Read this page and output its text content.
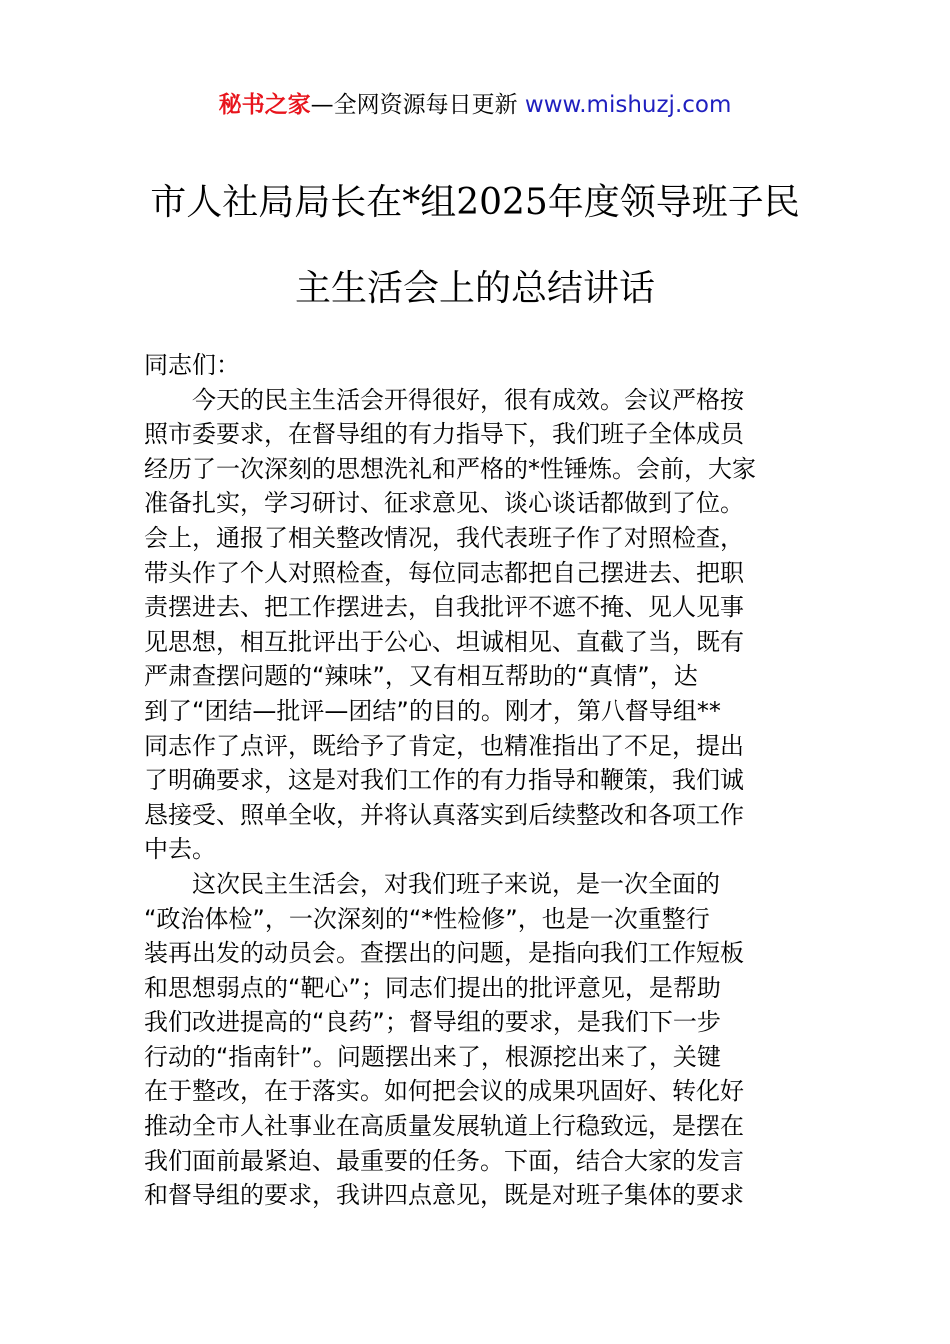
秘书之家—全网资源每日更新 www.mishuzj.com
市人社局局长在*组2025年度领导班子民
主生活会上的总结讲话
同志们：
　　今天的民主生活会开得很好，很有成效。会议严格按
照市委要求，在督导组的有力指导下，我们班子全体成员
经历了一次深刻的思想洗礼和严格的*性锤炼。会前，大家
准备扎实，学习研讨、征求意见、谈心谈话都做到了位。
会上，通报了相关整改情况，我代表班子作了对照检查，
带头作了个人对照检查，每位同志都把自己摆进去、把职
责摆进去、把工作摆进去，自我批评不遮不掩、见人见事
见思想，相互批评出于公心、坦诚相见、直截了当，既有
严肃查摆问题的“辣味”，又有相互帮助的“真情”，达
到了“团结—批评—团结”的目的。刚才，第八督导组**
同志作了点评，既给予了肯定，也精准指出了不足，提出
了明确要求，这是对我们工作的有力指导和鞭策，我们诚
恳接受、照单全收，并将认真落实到后续整改和各项工作
中去。
　　这次民主生活会，对我们班子来说，是一次全面的
“政治体检”，一次深刻的“*性检修”，也是一次重整行
装再出发的动员会。查摆出的问题，是指向我们工作短板
和思想弱点的“靶心”；同志们提出的批评意见，是帮助
我们改进提高的“良药”；督导组的要求，是我们下一步
行动的“指南针”。问题摆出来了，根源挖出来了，关键
在于整改，在于落实。如何把会议的成果巩固好、转化好
推动全市人社事业在高质量发展轨道上行稳致远，是摆在
我们面前最紧迫、最重要的任务。下面，结合大家的发言
和督导组的要求，我讲四点意见，既是对班子集体的要求
